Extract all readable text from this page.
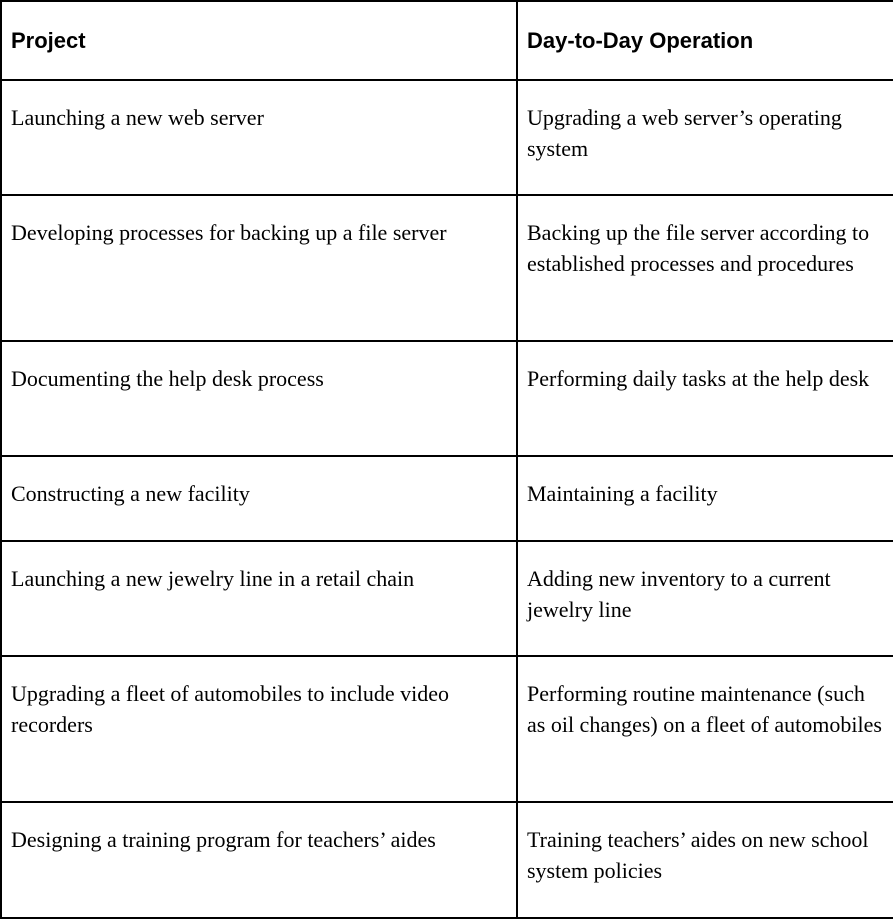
Project	Day-to-Day Operation
Launching a new web server	Upgrading a web server’s operating system
Developing processes for backing up a file server	Backing up the file server according to established processes and procedures
Documenting the help desk process	Performing daily tasks at the help desk
Constructing a new facility	Maintaining a facility
Launching a new jewelry line in a retail chain	Adding new inventory to a current jewelry line
Upgrading a fleet of automobiles to include video recorders	Performing routine maintenance (such as oil changes) on a fleet of automobiles
Designing a training program for teachers’ aides	Training teachers’ aides on new school system policies
